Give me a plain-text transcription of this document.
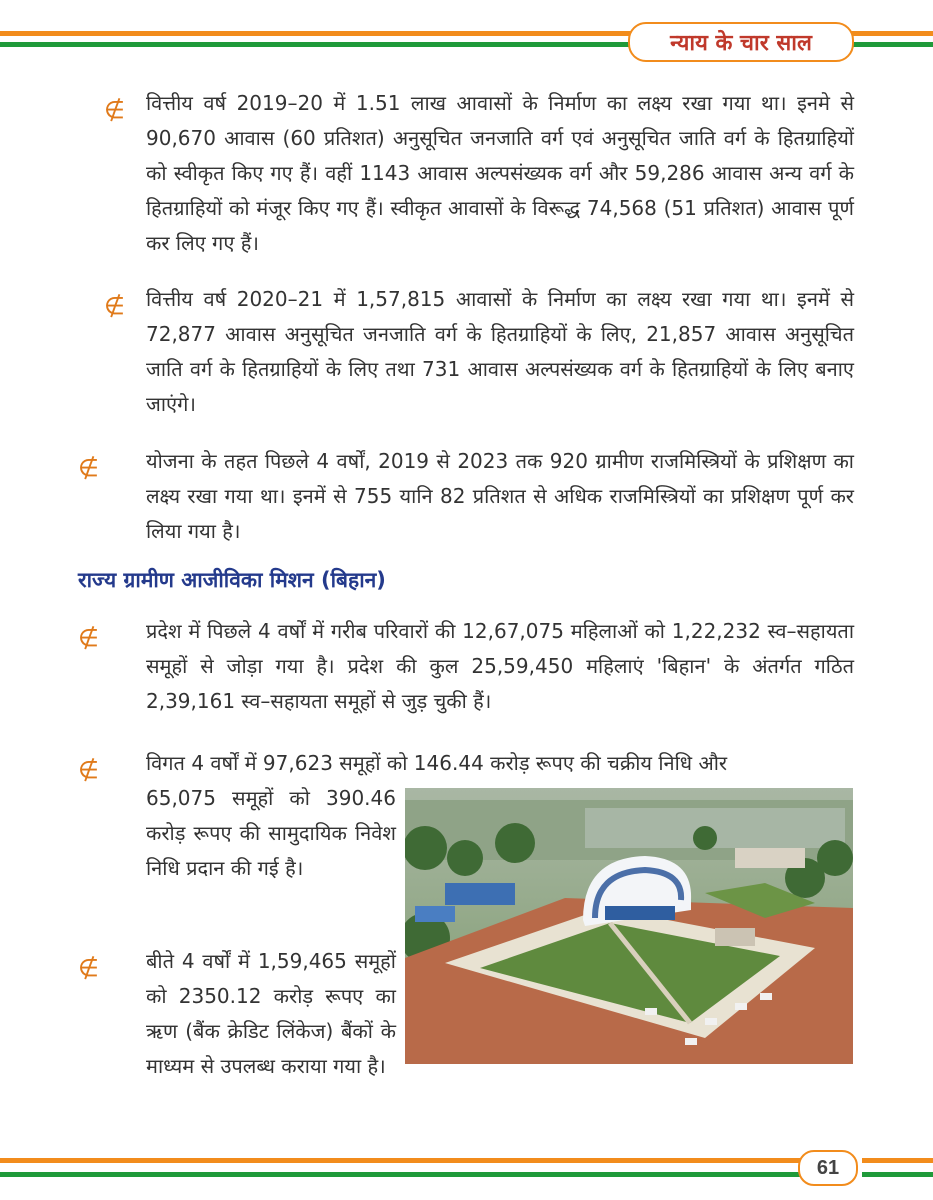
न्याय के चार साल
∉ वित्तीय वर्ष 2019–20 में 1.51 लाख आवासों के निर्माण का लक्ष्य रखा गया था। इनमे से 90,670 आवास (60 प्रतिशत) अनुसूचित जनजाति वर्ग एवं अनुसूचित जाति वर्ग के हितग्राहियों को स्वीकृत किए गए हैं। वहीं 1143 आवास अल्पसंख्यक वर्ग और 59,286 आवास अन्य वर्ग के हितग्राहियों को मंजूर किए गए हैं। स्वीकृत आवासों के विरूद्ध 74,568 (51 प्रतिशत) आवास पूर्ण कर लिए गए हैं।
∉ वित्तीय वर्ष 2020–21 में 1,57,815 आवासों के निर्माण का लक्ष्य रखा गया था। इनमें से 72,877 आवास अनुसूचित जनजाति वर्ग के हितग्राहियों के लिए, 21,857 आवास अनुसूचित जाति वर्ग के हितग्राहियों के लिए तथा 731 आवास अल्पसंख्यक वर्ग के हितग्राहियों के लिए बनाए जाएंगे।
∉ योजना के तहत पिछले 4 वर्षों, 2019 से 2023 तक 920 ग्रामीण राजमिस्त्रियों के प्रशिक्षण का लक्ष्य रखा गया था। इनमें से 755 यानि 82 प्रतिशत से अधिक राजमिस्त्रियों का प्रशिक्षण पूर्ण कर लिया गया है।
राज्य ग्रामीण आजीविका मिशन (बिहान)
∉ प्रदेश में पिछले 4 वर्षों में गरीब परिवारों की 12,67,075 महिलाओं को 1,22,232 स्व–सहायता समूहों से जोड़ा गया है। प्रदेश की कुल 25,59,450 महिलाएं 'बिहान' के अंतर्गत गठित 2,39,161 स्व–सहायता समूहों से जुड़ चुकी हैं।
∉ विगत 4 वर्षों में 97,623 समूहों को 146.44 करोड़ रूपए की चक्रीय निधि और
65,075 समूहों को 390.46 करोड़ रूपए की सामुदायिक निवेश निधि प्रदान की गई है।
∉ बीते 4 वर्षों में 1,59,465 समूहों को 2350.12 करोड़ रूपए का ऋण (बैंक क्रेडिट लिंकेज) बैंकों के माध्यम से उपलब्ध कराया गया है।
61
